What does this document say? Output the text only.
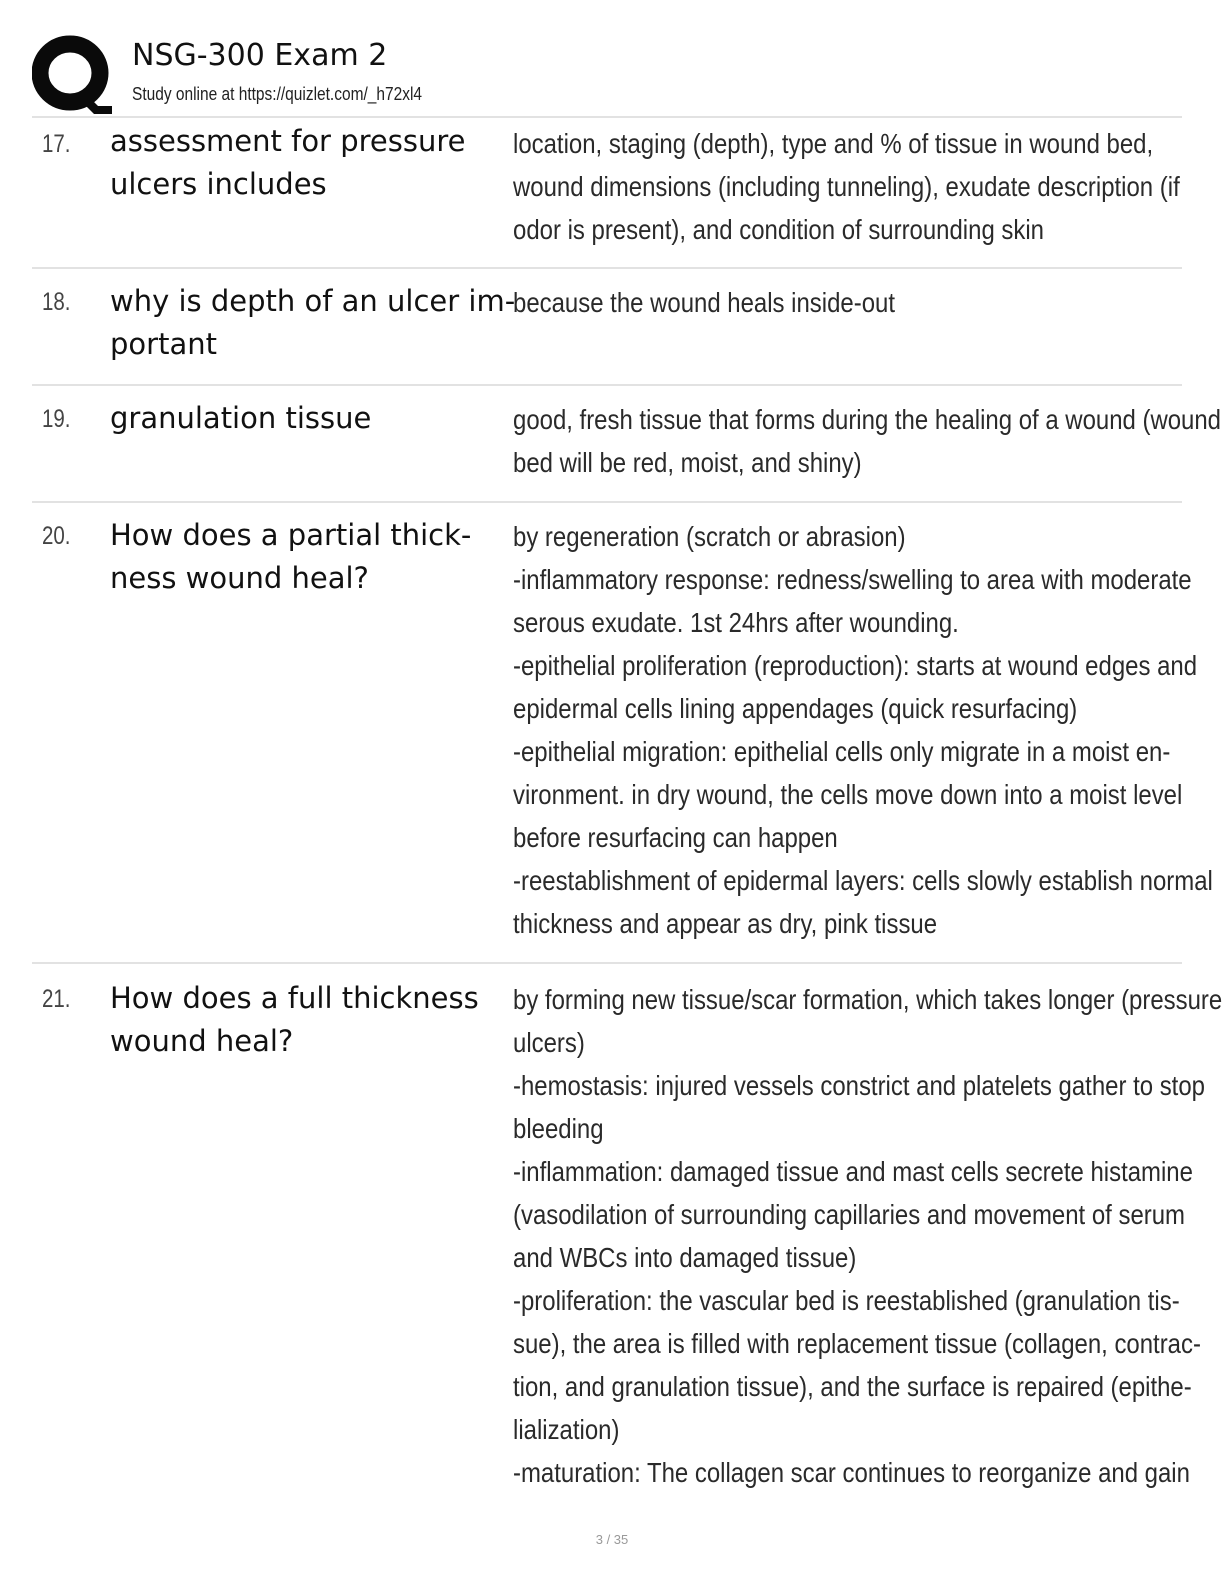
NSG-300 Exam 2
Study online at https://quizlet.com/_h72xl4
17. assessment for pressure
ulcers includes
location, staging (depth), type and % of tissue in wound bed,
wound dimensions (including tunneling), exudate description (if
odor is present), and condition of surrounding skin
18. why is depth of an ulcer im-
portant
because the wound heals inside-out
19. granulation tissue	good, fresh tissue that forms during the healing of a wound (wound
bed will be red, moist, and shiny)
20. How does a partial thick-
ness wound heal?
by regeneration (scratch or abrasion)
-inflammatory response: redness/swelling to area with moderate
serous exudate. 1st 24hrs after wounding.
-epithelial proliferation (reproduction): starts at wound edges and
epidermal cells lining appendages (quick resurfacing)
-epithelial migration: epithelial cells only migrate in a moist en-
vironment. in dry wound, the cells move down into a moist level
before resurfacing can happen
-reestablishment of epidermal layers: cells slowly establish normal
thickness and appear as dry, pink tissue
21. How does a full thickness
wound heal?
by forming new tissue/scar formation, which takes longer (pressure
ulcers)
-hemostasis: injured vessels constrict and platelets gather to stop
bleeding
-inflammation: damaged tissue and mast cells secrete histamine
(vasodilation of surrounding capillaries and movement of serum
and WBCs into damaged tissue)
-proliferation: the vascular bed is reestablished (granulation tis-
sue), the area is filled with replacement tissue (collagen, contrac-
tion, and granulation tissue), and the surface is repaired (epithe-
lialization)
-maturation: The collagen scar continues to reorganize and gain
3 / 35
